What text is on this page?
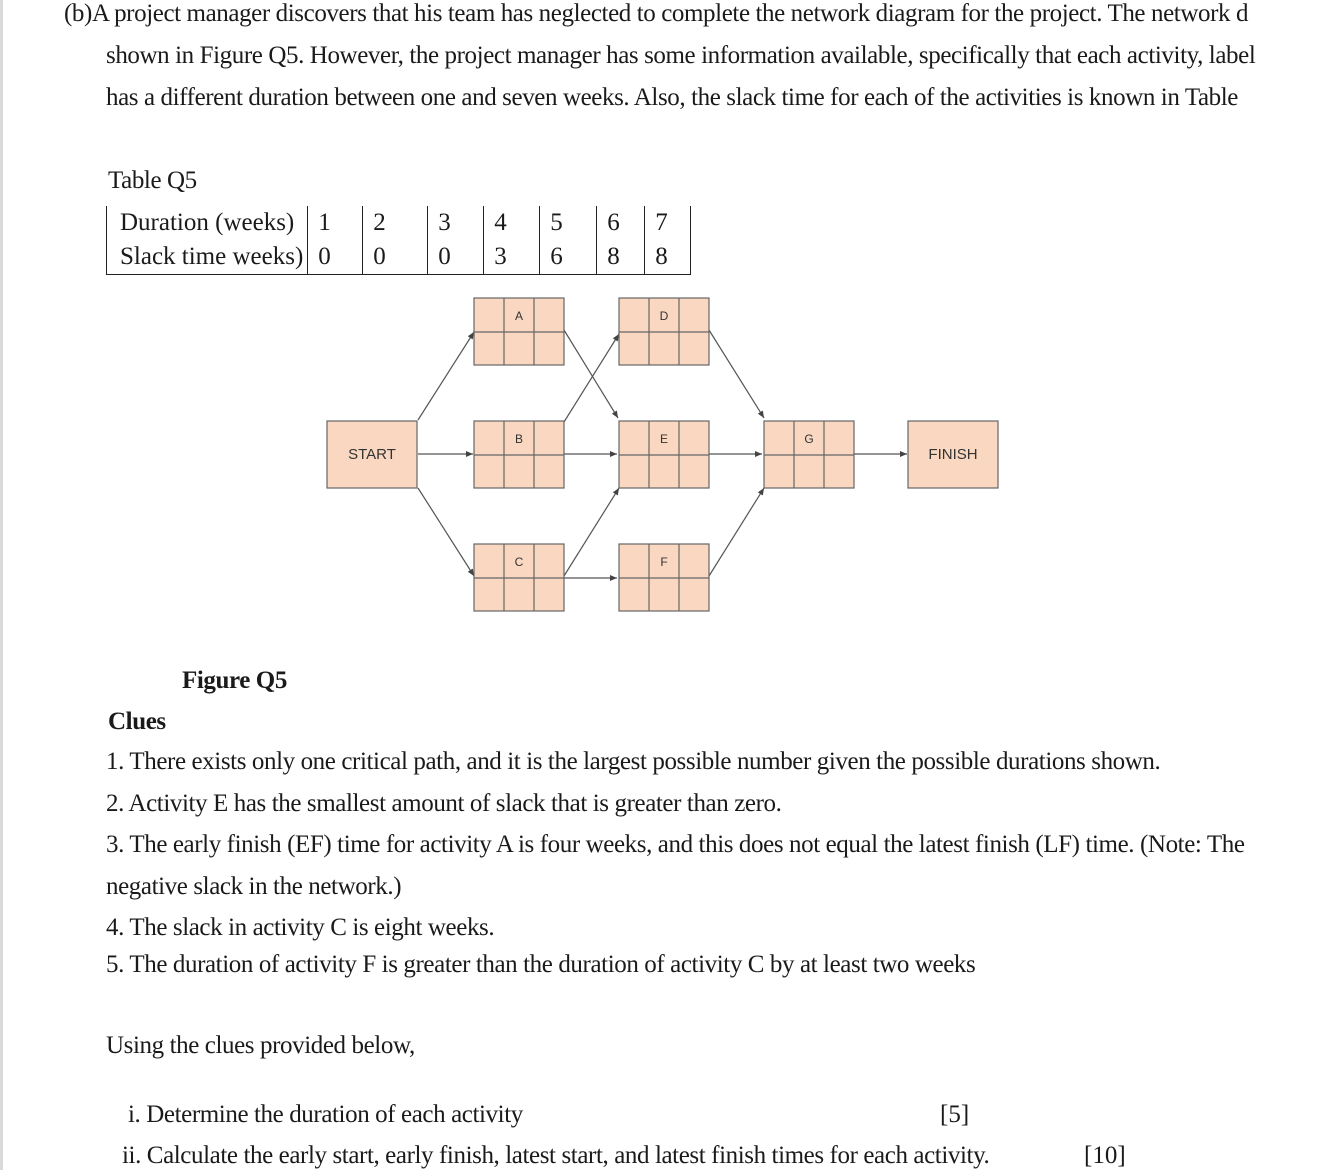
(b)A project manager discovers that his team has neglected to complete the network diagram for the project. The network d
shown in Figure Q5. However, the project manager has some information available, specifically that each activity, label
has a different duration between one and seven weeks. Also, the slack time for each of the activities is known in Table
Table Q5
Duration (weeks)	1	2	3	4	5	6	7
Slack time weeks)	0	0	0	3	6	8	8
START	FINISH
A
B
C
D
E
F
G
Figure Q5
Clues
1. There exists only one critical path, and it is the largest possible number given the possible durations shown.
2. Activity E has the smallest amount of slack that is greater than zero.
3. The early finish (EF) time for activity A is four weeks, and this does not equal the latest finish (LF) time. (Note: The
negative slack in the network.)
4. The slack in activity C is eight weeks.
5. The duration of activity F is greater than the duration of activity C by at least two weeks
Using the clues provided below,
i. Determine the duration of each activity	[5]
ii. Calculate the early start, early finish, latest start, and latest finish times for each activity.	[10]
